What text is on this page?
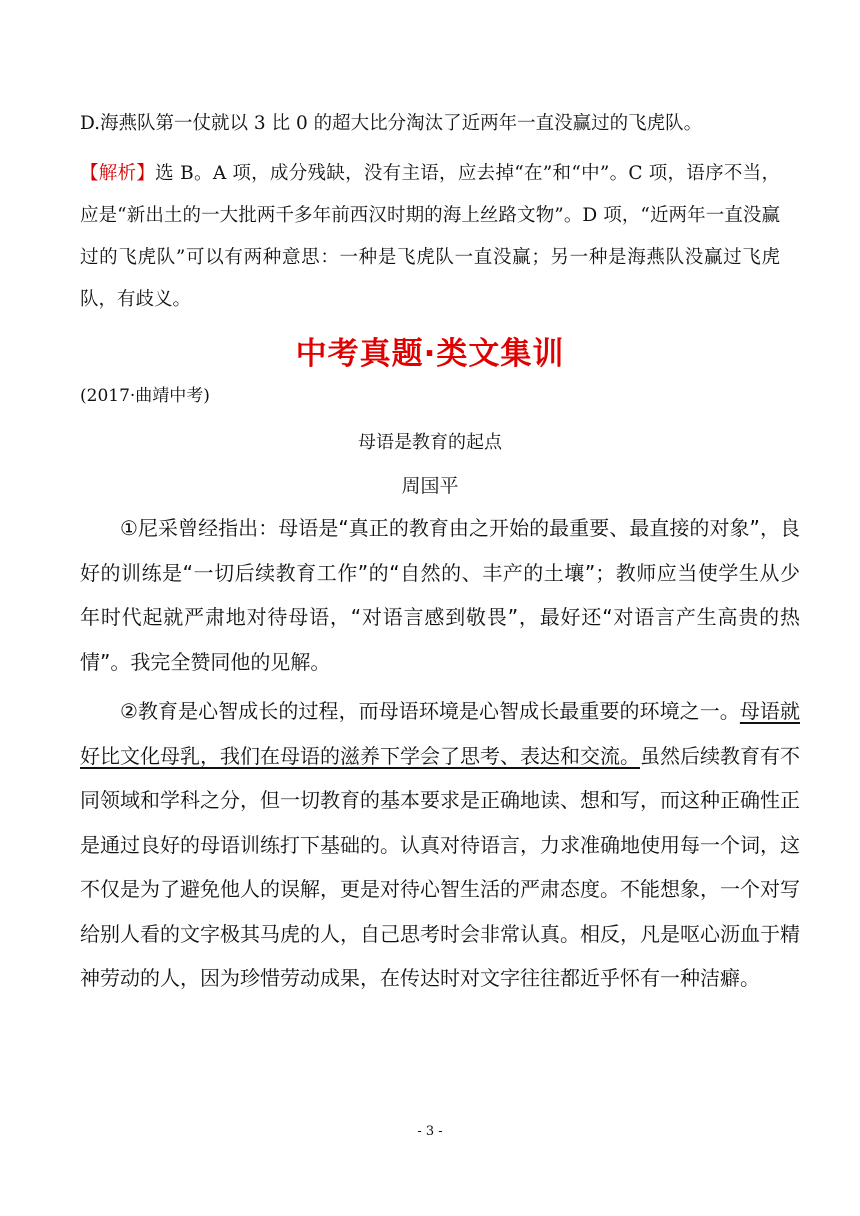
D.海燕队第一仗就以 3 比 0 的超大比分淘汰了近两年一直没赢过的飞虎队。
【解析】选 B。A 项，成分残缺，没有主语，应去掉“在”和“中”。C 项，语序不当，应是“新出土的一大批两千多年前西汉时期的海上丝路文物”。D 项，“近两年一直没赢过的飞虎队”可以有两种意思：一种是飞虎队一直没赢；另一种是海燕队没赢过飞虎队，有歧义。
中考真题·类文集训
(2017·曲靖中考)
母语是教育的起点
周国平

①尼采曾经指出：母语是“真正的教育由之开始的最重要、最直接的对象”，良好的训练是“一切后续教育工作”的“自然的、丰产的土壤”；教师应当使学生从少年时代起就严肃地对待母语，“对语言感到敬畏”，最好还“对语言产生高贵的热情”。我完全赞同他的见解。

②教育是心智成长的过程，而母语环境是心智成长最重要的环境之一。母语就好比文化母乳，我们在母语的滋养下学会了思考、表达和交流。虽然后续教育有不同领域和学科之分，但一切教育的基本要求是正确地读、想和写，而这种正确性正是通过良好的母语训练打下基础的。认真对待语言，力求准确地使用每一个词，这不仅是为了避免他人的误解，更是对待心智生活的严肃态度。不能想象，一个对写给别人看的文字极其马虎的人，自己思考时会非常认真。相反，凡是呕心沥血于精神劳动的人，因为珍惜劳动成果，在传达时对文字往往都近乎怀有一种洁癖。

- 3 -
